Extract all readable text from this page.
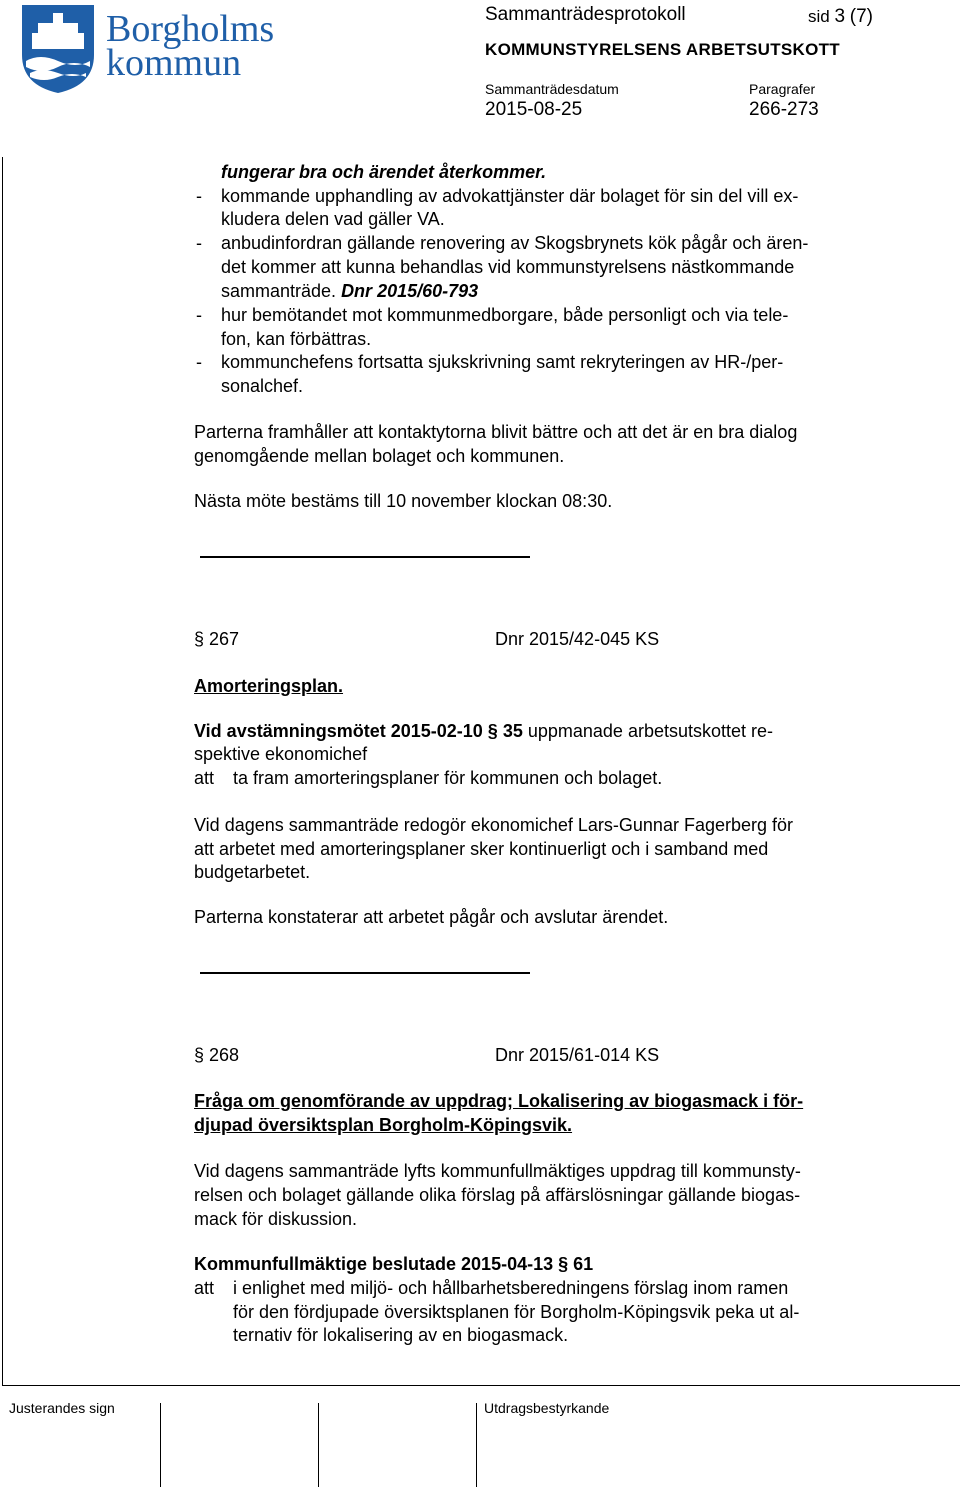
Borgholms
kommun
Sammanträdesprotokoll	sid 3 (7)
KOMMUNSTYRELSENS ARBETSUTSKOTT
Sammanträdesdatum	Paragrafer
2015-08-25	266-273
fungerar bra och ärendet återkommer.
- kommande upphandling av advokattjänster där bolaget för sin del vill ex-
kludera delen vad gäller VA.
- anbudinfordran gällande renovering av Skogsbrynets kök pågår och ären-
det kommer att kunna behandlas vid kommunstyrelsens nästkommande
sammanträde. Dnr 2015/60-793
- hur bemötandet mot kommunmedborgare, både personligt och via tele-
fon, kan förbättras.
- kommunchefens fortsatta sjukskrivning samt rekryteringen av HR-/per-
sonalchef.
Parterna framhåller att kontaktytorna blivit bättre och att det är en bra dialog
genomgående mellan bolaget och kommunen.
Nästa möte bestäms till 10 november klockan 08:30.
§ 267	Dnr 2015/42-045 KS
Amorteringsplan.
Vid avstämningsmötet 2015-02-10 § 35 uppmanade arbetsutskottet re-
spektive ekonomichef
att ta fram amorteringsplaner för kommunen och bolaget.
Vid dagens sammanträde redogör ekonomichef Lars-Gunnar Fagerberg för
att arbetet med amorteringsplaner sker kontinuerligt och i samband med
budgetarbetet.
Parterna konstaterar att arbetet pågår och avslutar ärendet.
§ 268	Dnr 2015/61-014 KS
Fråga om genomförande av uppdrag; Lokalisering av biogasmack i för-
djupad översiktsplan Borgholm-Köpingsvik.
Vid dagens sammanträde lyfts kommunfullmäktiges uppdrag till kommunsty-
relsen och bolaget gällande olika förslag på affärslösningar gällande biogas-
mack för diskussion.
Kommunfullmäktige beslutade 2015-04-13 § 61
att i enlighet med miljö- och hållbarhetsberedningens förslag inom ramen
för den fördjupade översiktsplanen för Borgholm-Köpingsvik peka ut al-
ternativ för lokalisering av en biogasmack.
Justerandes sign	Utdragsbestyrkande
